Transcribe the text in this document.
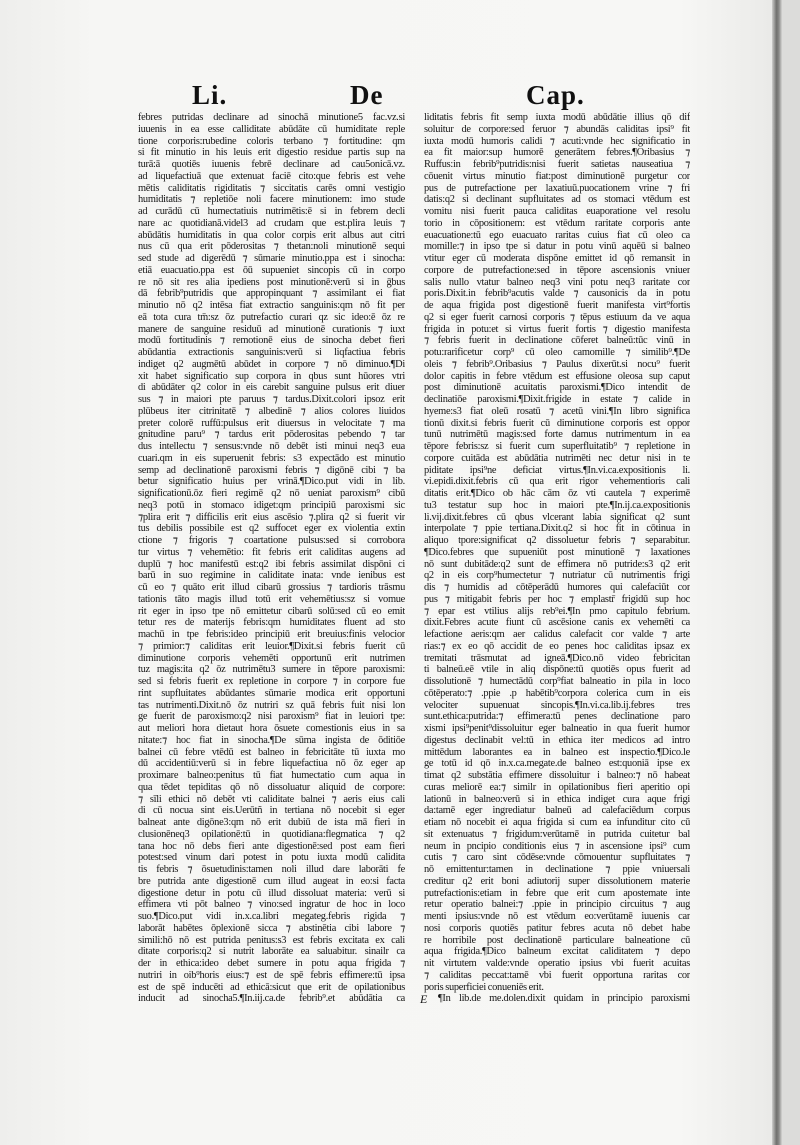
Li.	De	Cap.
febres putridas declinare ad sinochā minutione5 fac.vz.si
iuuenis in ea esse calliditate abūdāte cū humiditate reple
tione corporis:rubedine coloris terbano ⁊ fortitudine: qm
si fit minutio in his leuis erit digestio residue partis sup na
turā:ā quotiēs iuuenis febrē declinare ad cau5onicā.vz.
ad liquefactiuā que extenuat faciē cito:que febris est vehe
mētis caliditatis rigiditatis ⁊ siccitatis carēs omni vestigio
humiditatis ⁊ repletiōe noli facere minutionem: imo stude
ad curādū cū humectatiuis nutrimētis:ē si in febrem decli
nare ac quotidianā.videl3 ad crudam que est.plira leuis ⁊
abūdātis humiditatis in qua color corpis erit albus aut citri
nus cū qua erit pōderositas ⁊ thetan:noli minutionē sequi
sed stude ad digerēdū ⁊ sūmarie minutio.ppa est i sinocha:
etiā euacuatio.ppa est ōū supueniet sincopis cū in corpo
re nō sit res alia ipediens post minutionē:verū si in ḡbus
dā febrib⁹putridis que appropinquant ⁊ assimilant ei fiat
minutio nō q2 intēsa fiat extractio sanguinis:qm nō fit per
eā tota cura tm̄:sz ōz putrefactio curari qz sic ideo:ē ōz re
manere de sanguine residuū ad minutionē curationis ⁊ iuxt
modū fortitudinis ⁊ remotionē eius de sinocha debet fieri
abūdantia extractionis sanguinis:verū si liqfactiua febris
indiget q2 augmētū abūdet in corpore ⁊ nō diminuo.¶Di
xit habet significatio sup corpora in qbus sunt hūores vtri
di abūdāter q2 color in eis carebit sanguine pulsus erit diuer
sus ⁊ in maiori pte paruus ⁊ tardus.Dixit.colori ipsoz erit
plūbeus iter citrinitatē ⁊ albedinē ⁊ alios colores liuidos
preter colorē ruffū:pulsus erit diuersus in velocitate ⁊ ma
gnitudine paru⁹ ⁊ tardus erit pōderositas pebendo ⁊ tar
dus intellectu ⁊ sensus:vnde nō debēt isti minui neq3 eua
cuari.qm in eis superuenit febris: s3 expectādo est minutio
semp ad declinationē paroxismi febris ⁊ digōnē cibi ⁊ ba
betur significatio huius per vrinā.¶Dico.put vidi in lib.
significationū.ōz fieri regimē q2 nō ueniat paroxism⁹ cibū
neq3 potū in stomaco idiget:qm principiū paroxismi sic
⁊plira erit ⁊ difficilis erit eius ascēsio ⁊.plira q2 si fuerit vir
tus debilis possibile est q2 suffocet eger ex violentia extin
ctione ⁊ frigoris ⁊ coartatione pulsus:sed si corrobora
tur virtus ⁊ vehemētio: fit febris erit caliditas augens ad
duplū ⁊ hoc manifestū est:q2 ibi febris assimilat dispōni ci
barū in suo regimine in caliditate inata: vnde ienibus est
cū eo ⁊ quāto erit illud cibarū grossius ⁊ tardioris trāsmu
tationis tāto magis illud totū erit vehemētius:sz si vomue
rit eger in ipso tpe nō emittetur cibarū solū:sed cū eo emit
tetur res de materijs febris:qm humiditates fluent ad sto
machū in tpe febris:ideo principiū erit breuius:finis velocior
⁊ primior:⁊ caliditas erit leuior.¶Dixit.si febris fuerit cū
diminutione corporis vehemēti opportunū erit nutrimen
tuz magis:ita q2 ōz nutrimētu3 sumere in tēpore paroxismi:
sed si febris fuerit ex repletione in corpore ⁊ in corpore fue
rint supfluitates abūdantes sūmarie modica erit opportuni
tas nutrimenti.Dixit.nō ōz nutriri sz quā febris fuit nisi lon
ge fuerit de paroxismo:q2 nisi paroxism⁹ fiat in leuiori tpe:
aut meliori hora dietaut hora ōsuete comestionis eius in sa
nitate:⁊ hoc fiat in sinocha.¶De sūma ingista de ōditiōe
balnei cū febre vtēdū est balneo in febricitāte tū iuxta mo
dū accidentiū:verū si in febre liquefactiua nō ōz eger ap
proximare balneo:penitus tū fiat humectatio cum aqua in
qua tēdet tepiditas qō nō dissoluatur aliquid de corpore:
⁊ sīli ethici nō debēt vti caliditate balnei ⁊ aeris eius cali
di cū nocua sint eis.Uerūtñ in tertiana nō nocebit si eger
balneat ante digōne3:qm nō erit dubiū de ista mā fieri in
clusionēneq3 opilationē:tū in quotidiana:flegmatica ⁊ q2
tana hoc nō debs fieri ante digestionē:sed post eam fieri
potest:sed vinum dari potest in potu iuxta modū calidita
tis febris ⁊ ōsuetudinis:tamen noli illud dare laborāti fe
bre putrida ante digestionē cum illud augeat in eo:si facta
digestione detur in potu cū illud dissoluat materia: verū si
effimera vti pōt balneo ⁊ vino:sed ingratur de hoc in loco
suo.¶Dico.put vidi in.x.ca.libri megateg.febris rigida ⁊
laborāt habētes ōplexionē sicca ⁊ abstinētia cibi labore ⁊
simili:hō nō est putrida penitus:s3 est febris excitata ex cali
ditate corporis:q2 si nutrit laborāte ea saluabitur. sinailr ca
der in ethica:ideo debet sumere in potu aqua frigida ⁊
nutriri in oib⁹horis eius:⁊ est de spē febris effimere:tū ipsa
est de spē inducēti ad ethicā:sicut que erit de opilationibus
inducit ad sinocha5.¶In.iij.ca.de febrib⁹.et abūdātia ca
liditatis febris fit semp iuxta modū abūdātie illius qō dif
soluitur de corpore:sed feruor ⁊ abundās caliditas ipsi⁹ fit
iuxta modū humoris calidi ⁊ acuti:vnde hec significatio in
ea fit maior:sup humorē generātem febres.¶Oribasius ⁊
Ruffus:in febrib⁹putridis:nisi fuerit satietas nauseatiua ⁊
cōuenit virtus minutio fiat:post diminutionē purgetur cor
pus de putrefactione per laxatiuū.puocationem vrine ⁊ fri
datis:q2 si declinant supfluitates ad os stomaci vtēdum est
vomitu nisi fuerit pauca caliditas euaporatione vel resolu
torio in cōpositionem: est vtēdum raritate corporis ante
euacuatione:tū ego euacuato raritas cuius fiat cū oleo ca
momille:⁊ in ipso tpe si datur in potu vinū aquēū si balneo
vtitur eger cū moderata dispōne emittet id qō remansit in
corpore de putrefactione:sed in tēpore ascensionis vniuer
salis nullo vtatur balneo neq3 vini potu neq3 raritate cor
poris.Dixit.in febrib⁹acutis valde ⁊ causonicis da in potu
de aqua frigida post digestionē fuerit manifesta virt⁹fortis
q2 si eger fuerit carnosi corporis ⁊ tēpus estiuum da ve aqua
frigida in potu:et si virtus fuerit fortis ⁊ digestio manifesta
⁊ febris fuerit in declinatione cōferet balneū:tūc vinū in
potu:rarificetur corp⁹ cū oleo camomille ⁊ similib⁹.¶De
oleis ⁊ febrib⁹.Oribasius ⁊ Paulus dixerūt.si nocu⁹ fuerit
dolor capitis in febre vtēdum est effusione oleosa sup caput
post diminutionē acuitatis paroxismi.¶Dico intendit de
declinatiōe paroxismi.¶Dixit.frigide in estate ⁊ calide in
hyeme:s3 fiat oleū rosatū ⁊ acetū vini.¶In libro significa
tionū dixit.si febris fuerit cū diminutione corporis est oppor
tunū nutrimētū magis:sed forte damus nutrimentum in ea
tēpore febris:sz si fuerit cum superfluitatib⁹ ⁊ repletione in
corpore cuitāda est abūdātia nutrimēti nec detur nisi in te
piditate ipsi⁹ne deficiat virtus.¶In.vi.ca.expositionis li.
vi.epidi.dixit.febris cū qua erit rigor vehementioris cali
ditatis erit.¶Dico ob hāc cām ōz vti cautela ⁊ experimē
tu3 testatur sup hoc in maiori pte.¶In.ij.ca.expositionis
li.vij.dixit.febres cū qbus vlcerant labia significat q2 sunt
interpolate ⁊ ppie tertiana.Dixit.q2 si hoc fit in cōtinua in
aliquo tpore:significat q2 dissoluetur febris ⁊ separabitur.
¶Dico.febres que supueniūt post minutionē ⁊ laxationes
nō sunt dubitāde:q2 sunt de effimera nō putride:s3 q2 erit
q2 in eis corp⁹humectetur ⁊ nutriatur cū nutrimentis frigi
dis ⁊ humidis ad cōtēperādū humores qui calefaciūt cor
pus ⁊ mitigabit febris per hoc ⁊ emplastr̄ frigidū sup hoc
⁊ epar est vtilius alijs reb⁹ei.¶In pmo capitulo febrium.
dixit.Febres acute fiunt cū ascēsione canis ex vehemēti ca
lefactione aeris:qm aer calidus calefacit cor valde ⁊ arte
rias:⁊ ex eo qō accidit de eo penes hoc caliditas ipsaz ex
tremitati trāsmutat ad igneā.¶Dico.nō video febricitan
ti balneū.eē vtile in aliq dispōne:tū quotiēs opus fuerit ad
dissolutionē ⁊ humectādū corp⁹fiat balneatio in pila in loco
cōtēperato:⁊ .ppie .p habētib⁹corpora colerica cum in eis
velociter supuenuat sincopis.¶In.vi.ca.lib.ij.febres tres
sunt.ethica:putrida:⁊ effimera:tū penes declinatione paro
xismi ipsi⁹penit⁹dissoluitur eger balneatio in qua fuerit humor
digestus declinabit vel:tū in ethica iter medicos ad intro
mittēdum laborantes ea in balneo est inspectio.¶Dico.le
ge totū id qō in.x.ca.megate.de balneo est:quoniā ipse ex
timat q2 substātia effimere dissoluitur i balneo:⁊ nō habeat
curas meliorē ea:⁊ similr in opilationibus fieri aperitio opi
lationū in balneo:verū si in ethica indiget cura aque frigi
da:tamē eger ingrediatur balneū ad calefaciēdum corpus
etiam nō nocebit ei aqua frigida si cum ea infunditur cito cū
sit extenuatus ⁊ frigidum:verūtamē in putrida cuitetur bal
neum in pncipio conditionis eius ⁊ in ascensione ipsi⁹ cum
cutis ⁊ caro sint cōdēse:vnde cōmouentur supfluitates ⁊
nō emittentur:tamen in declinatione ⁊ ppie vniuersali
creditur q2 erit boni adiutorij super dissolutionem materie
putrefactionis:etiam in febre que erit cum apostemate inte
retur operatio balnei:⁊ .ppie in principio circuitus ⁊ aug
menti ipsius:vnde nō est vtēdum eo:verūtamē iuuenis car
nosi corporis quotiēs patitur febres acuta nō debet habe
re horribile post declinationē particulare balneatione cū
aqua frigida.¶Dico balneum excitat caliditatem ⁊ depo
nit virtutem valde:vnde operatio ipsius vbi fuerit acuitas
⁊ caliditas peccat:tamē vbi fuerit opportuna raritas cor
poris superficiei conueniēs erit.
¶In lib.de me.dolen.dixit quidam in principio paroxismi
E
